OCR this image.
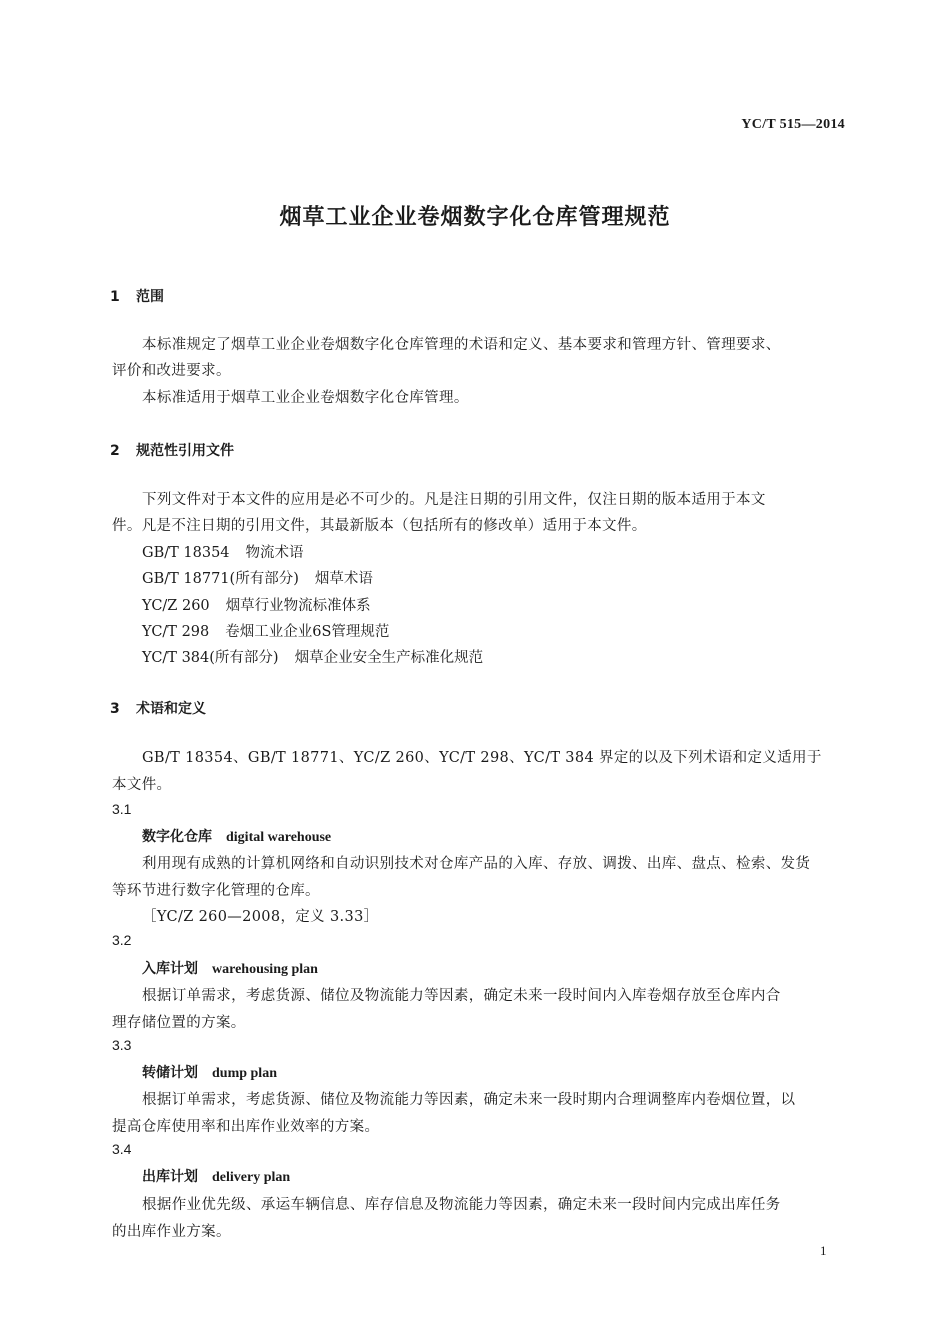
YC/T 515—2014
烟草工业企业卷烟数字化仓库管理规范
1 范围
本标准规定了烟草工业企业卷烟数字化仓库管理的术语和定义、基本要求和管理方针、管理要求、
评价和改进要求。
本标准适用于烟草工业企业卷烟数字化仓库管理。
2 规范性引用文件
下列文件对于本文件的应用是必不可少的。凡是注日期的引用文件，仅注日期的版本适用于本文
件。凡是不注日期的引用文件，其最新版本（包括所有的修改单）适用于本文件。
GB/T 18354 物流术语
GB/T 18771(所有部分) 烟草术语
YC/Z 260 烟草行业物流标准体系
YC/T 298 卷烟工业企业6S管理规范
YC/T 384(所有部分) 烟草企业安全生产标准化规范
3 术语和定义
GB/T 18354、GB/T 18771、YC/Z 260、YC/T 298、YC/T 384 界定的以及下列术语和定义适用于
本文件。
3.1
数字化仓库 digital warehouse
利用现有成熟的计算机网络和自动识别技术对仓库产品的入库、存放、调拨、出库、盘点、检索、发货
等环节进行数字化管理的仓库。
［YC/Z 260—2008，定义 3.33］
3.2
入库计划 warehousing plan
根据订单需求，考虑货源、储位及物流能力等因素，确定未来一段时间内入库卷烟存放至仓库内合
理存储位置的方案。
3.3
转储计划 dump plan
根据订单需求，考虑货源、储位及物流能力等因素，确定未来一段时期内合理调整库内卷烟位置，以
提高仓库使用率和出库作业效率的方案。
3.4
出库计划 delivery plan
根据作业优先级、承运车辆信息、库存信息及物流能力等因素，确定未来一段时间内完成出库任务
的出库作业方案。
1
